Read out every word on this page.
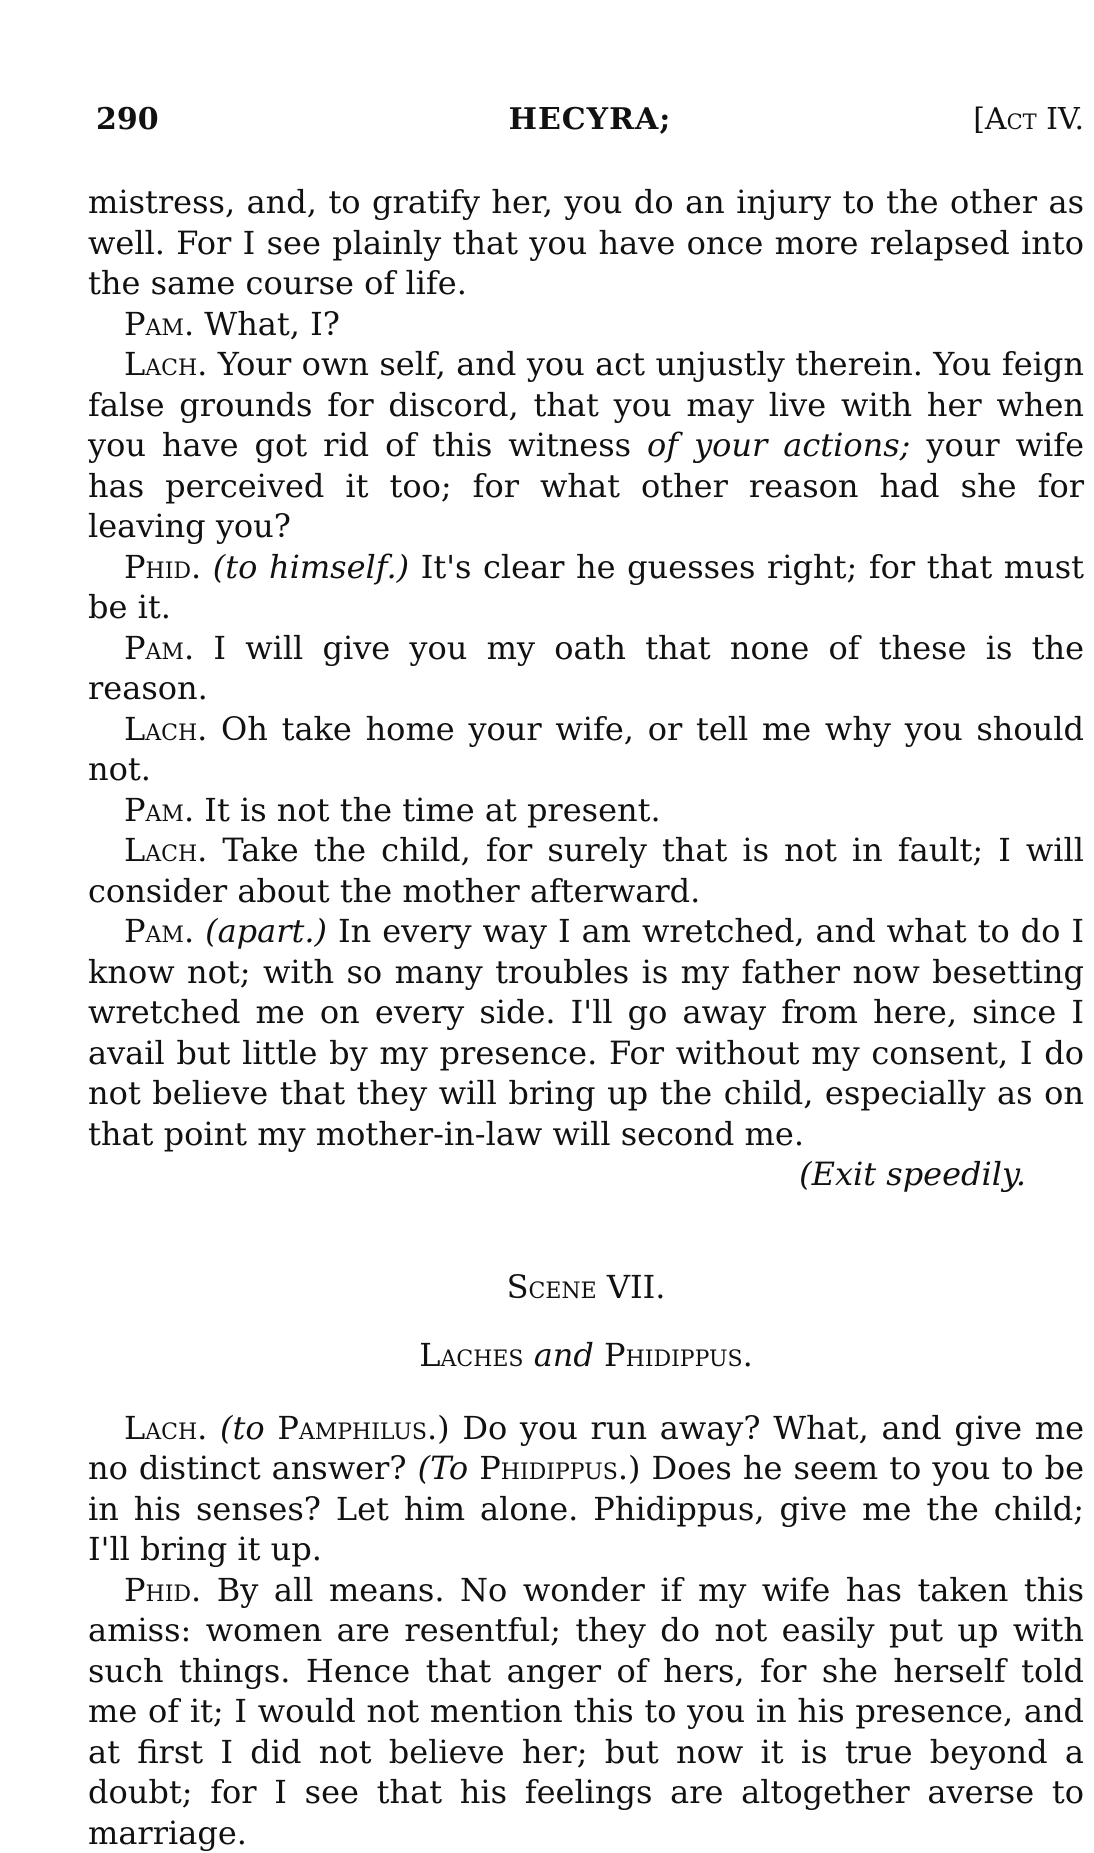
290	HECYRA;	[Act IV.

mistress, and, to gratify her, you do an injury to the other as well. For I see plainly that you have once more relapsed into the same course of life.

Pam. What, I?

Lach. Your own self, and you act unjustly therein. You feign false grounds for discord, that you may live with her when you have got rid of this witness of your actions; your wife has perceived it too; for what other reason had she for leaving you?

Phid. (to himself.) It's clear he guesses right; for that must be it.

Pam. I will give you my oath that none of these is the reason.

Lach. Oh take home your wife, or tell me why you should not.

Pam. It is not the time at present.

Lach. Take the child, for surely that is not in fault; I will consider about the mother afterward.

Pam. (apart.) In every way I am wretched, and what to do I know not; with so many troubles is my father now besetting wretched me on every side. I'll go away from here, since I avail but little by my presence. For without my consent, I do not believe that they will bring up the child, especially as on that point my mother-in-law will second me.

(Exit speedily.

Scene VII.

Laches and Phidippus.

Lach. (to Pamphilus.) Do you run away? What, and give me no distinct answer? (To Phidippus.) Does he seem to you to be in his senses? Let him alone. Phidippus, give me the child; I'll bring it up.

Phid. By all means. No wonder if my wife has taken this amiss: women are resentful; they do not easily put up with such things. Hence that anger of hers, for she herself told me of it; I would not mention this to you in his presence, and at first I did not believe her; but now it is true beyond a doubt; for I see that his feelings are altogether averse to marriage.
